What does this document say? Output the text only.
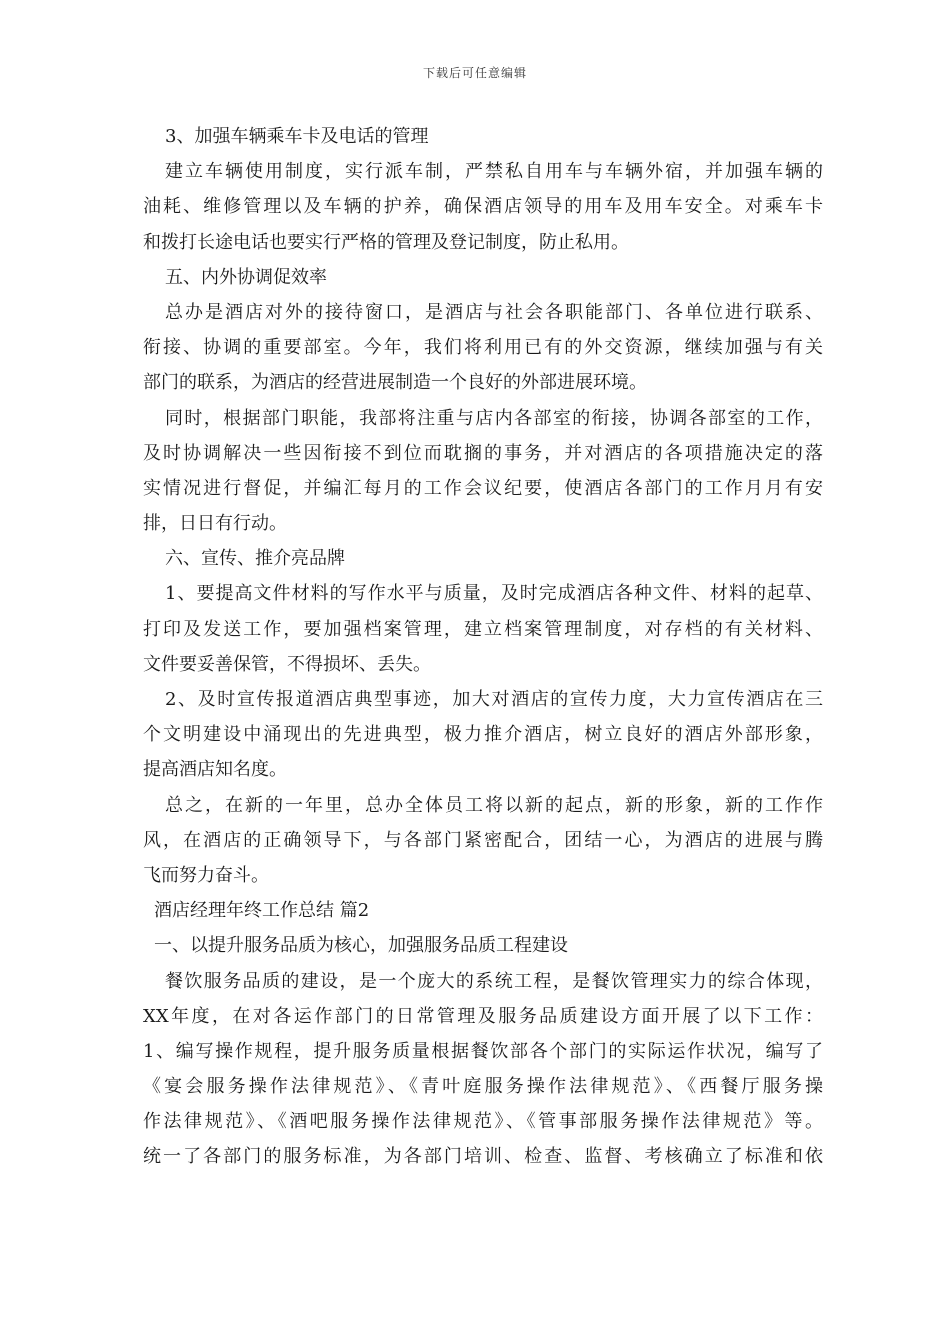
下载后可任意编辑
3、加强车辆乘车卡及电话的管理
建立车辆使用制度，实行派车制，严禁私自用车与车辆外宿，并加强车辆的
油耗、维修管理以及车辆的护养，确保酒店领导的用车及用车安全。对乘车卡
和拨打长途电话也要实行严格的管理及登记制度，防止私用。
五、内外协调促效率
总办是酒店对外的接待窗口，是酒店与社会各职能部门、各单位进行联系、
衔接、协调的重要部室。今年，我们将利用已有的外交资源，继续加强与有关
部门的联系，为酒店的经营进展制造一个良好的外部进展环境。
同时，根据部门职能，我部将注重与店内各部室的衔接，协调各部室的工作，
及时协调解决一些因衔接不到位而耽搁的事务，并对酒店的各项措施决定的落
实情况进行督促，并编汇每月的工作会议纪要，使酒店各部门的工作月月有安
排，日日有行动。
六、宣传、推介亮品牌
1、要提高文件材料的写作水平与质量，及时完成酒店各种文件、材料的起草、
打印及发送工作，要加强档案管理，建立档案管理制度，对存档的有关材料、
文件要妥善保管，不得损坏、丢失。
2、及时宣传报道酒店典型事迹，加大对酒店的宣传力度，大力宣传酒店在三
个文明建设中涌现出的先进典型，极力推介酒店，树立良好的酒店外部形象，
提高酒店知名度。
总之，在新的一年里，总办全体员工将以新的起点，新的形象，新的工作作
风，在酒店的正确领导下，与各部门紧密配合，团结一心，为酒店的进展与腾
飞而努力奋斗。
酒店经理年终工作总结 篇2
一、以提升服务品质为核心，加强服务品质工程建设
餐饮服务品质的建设，是一个庞大的系统工程，是餐饮管理实力的综合体现，
XX年度，在对各运作部门的日常管理及服务品质建设方面开展了以下工作：
1、编写操作规程，提升服务质量根据餐饮部各个部门的实际运作状况，编写了
《宴会服务操作法律规范》、《青叶庭服务操作法律规范》、《西餐厅服务操
作法律规范》、《酒吧服务操作法律规范》、《管事部服务操作法律规范》等。
统一了各部门的服务标准，为各部门培训、检查、监督、考核确立了标准和依
